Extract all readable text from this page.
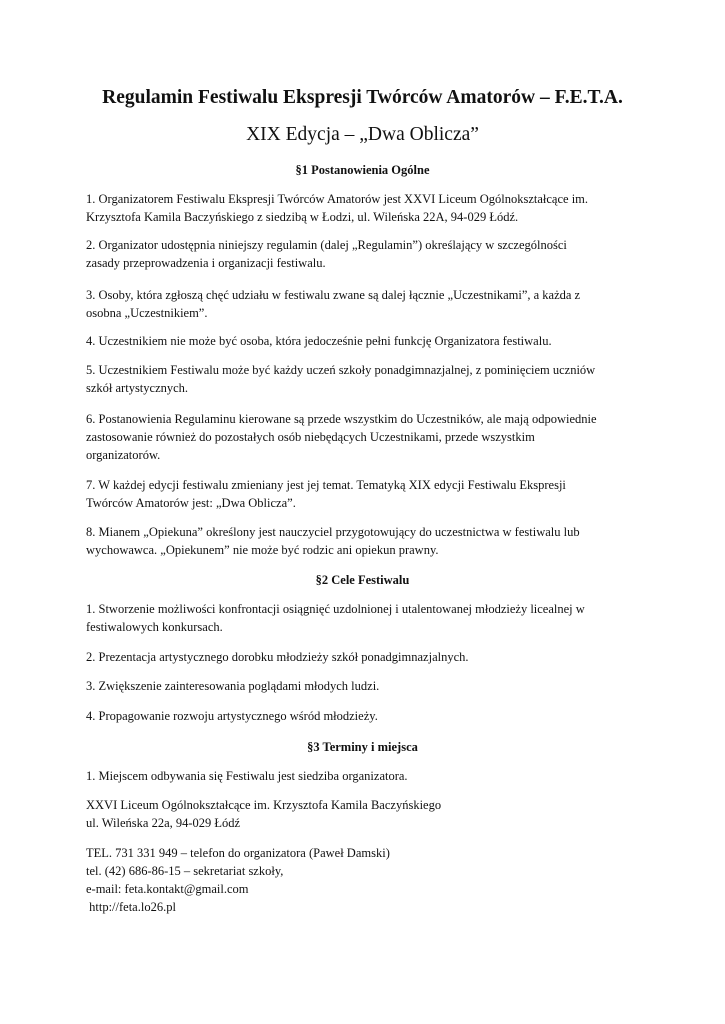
Regulamin Festiwalu Ekspresji Twórców Amatorów – F.E.T.A.
XIX Edycja – „Dwa Oblicza”
§1 Postanowienia Ogólne

1. Organizatorem Festiwalu Ekspresji Twórców Amatorów jest XXVI Liceum Ogólnokształcące im.
Krzysztofa Kamila Baczyńskiego z siedzibą w Łodzi, ul. Wileńska 22A, 94-029 Łódź.

2. Organizator udostępnia niniejszy regulamin (dalej „Regulamin”) określający w szczególności
zasady przeprowadzenia i organizacji festiwalu.

3. Osoby, która zgłoszą chęć udziału w festiwalu zwane są dalej łącznie „Uczestnikami”, a każda z
osobna „Uczestnikiem”.

4. Uczestnikiem nie może być osoba, która jedocześnie pełni funkcję Organizatora festiwalu.

5. Uczestnikiem Festiwalu może być każdy uczeń szkoły ponadgimnazjalnej, z pominięciem uczniów
szkół artystycznych.

6. Postanowienia Regulaminu kierowane są przede wszystkim do Uczestników, ale mają odpowiednie
zastosowanie również do pozostałych osób niebędących Uczestnikami, przede wszystkim
organizatorów.

7. W każdej edycji festiwalu zmieniany jest jej temat. Tematyką XIX edycji Festiwalu Ekspresji
Twórców Amatorów jest: „Dwa Oblicza”.

8. Mianem „Opiekuna” określony jest nauczyciel przygotowujący do uczestnictwa w festiwalu lub
wychowawca. „Opiekunem” nie może być rodzic ani opiekun prawny.

§2 Cele Festiwalu

1. Stworzenie możliwości konfrontacji osiągnięć uzdolnionej i utalentowanej młodzieży licealnej w
festiwalowych konkursach.

2. Prezentacja artystycznego dorobku młodzieży szkół ponadgimnazjalnych.

3. Zwiększenie zainteresowania poglądami młodych ludzi.

4. Propagowanie rozwoju artystycznego wśród młodzieży.

§3 Terminy i miejsca

1. Miejscem odbywania się Festiwalu jest siedziba organizatora.

XXVI Liceum Ogólnokształcące im. Krzysztofa Kamila Baczyńskiego
ul. Wileńska 22a, 94-029 Łódź

TEL. 731 331 949 – telefon do organizatora (Paweł Damski)
tel. (42) 686-86-15 – sekretariat szkoły,
e-mail: feta.kontakt@gmail.com
http://feta.lo26.pl
